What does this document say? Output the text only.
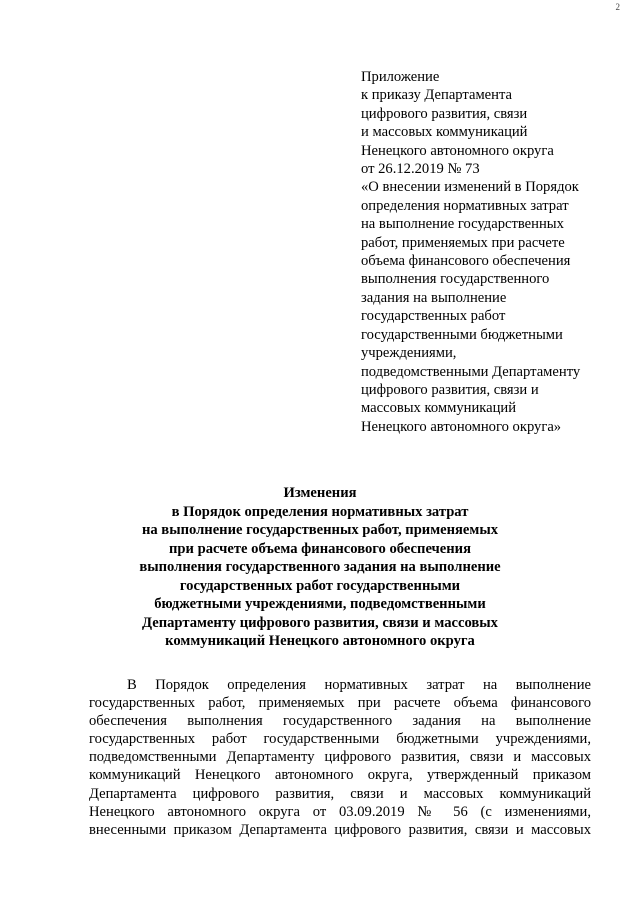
2
Приложение
к приказу Департамента
цифрового развития, связи
и массовых коммуникаций
Ненецкого автономного округа
от 26.12.2019 № 73
«О внесении изменений в Порядок
определения нормативных затрат
на выполнение государственных
работ, применяемых при расчете
объема финансового обеспечения
выполнения государственного
задания на выполнение
государственных работ
государственными бюджетными
учреждениями,
подведомственными Департаменту
цифрового развития, связи и
массовых коммуникаций
Ненецкого автономного округа»
Изменения
в Порядок определения нормативных затрат
на выполнение государственных работ, применяемых
при расчете объема финансового обеспечения
выполнения государственного задания на выполнение
государственных работ государственными
бюджетными учреждениями, подведомственными
Департаменту цифрового развития, связи и массовых
коммуникаций Ненецкого автономного округа
В Порядок определения нормативных затрат на выполнение
государственных работ, применяемых при расчете объема финансового
обеспечения выполнения государственного задания на выполнение
государственных работ государственными бюджетными учреждениями,
подведомственными Департаменту цифрового развития, связи и массовых
коммуникаций Ненецкого автономного округа, утвержденный приказом
Департамента цифрового развития, связи и массовых коммуникаций
Ненецкого автономного округа от 03.09.2019 № 56 (с изменениями,
внесенными приказом Департамента цифрового развития, связи и массовых
